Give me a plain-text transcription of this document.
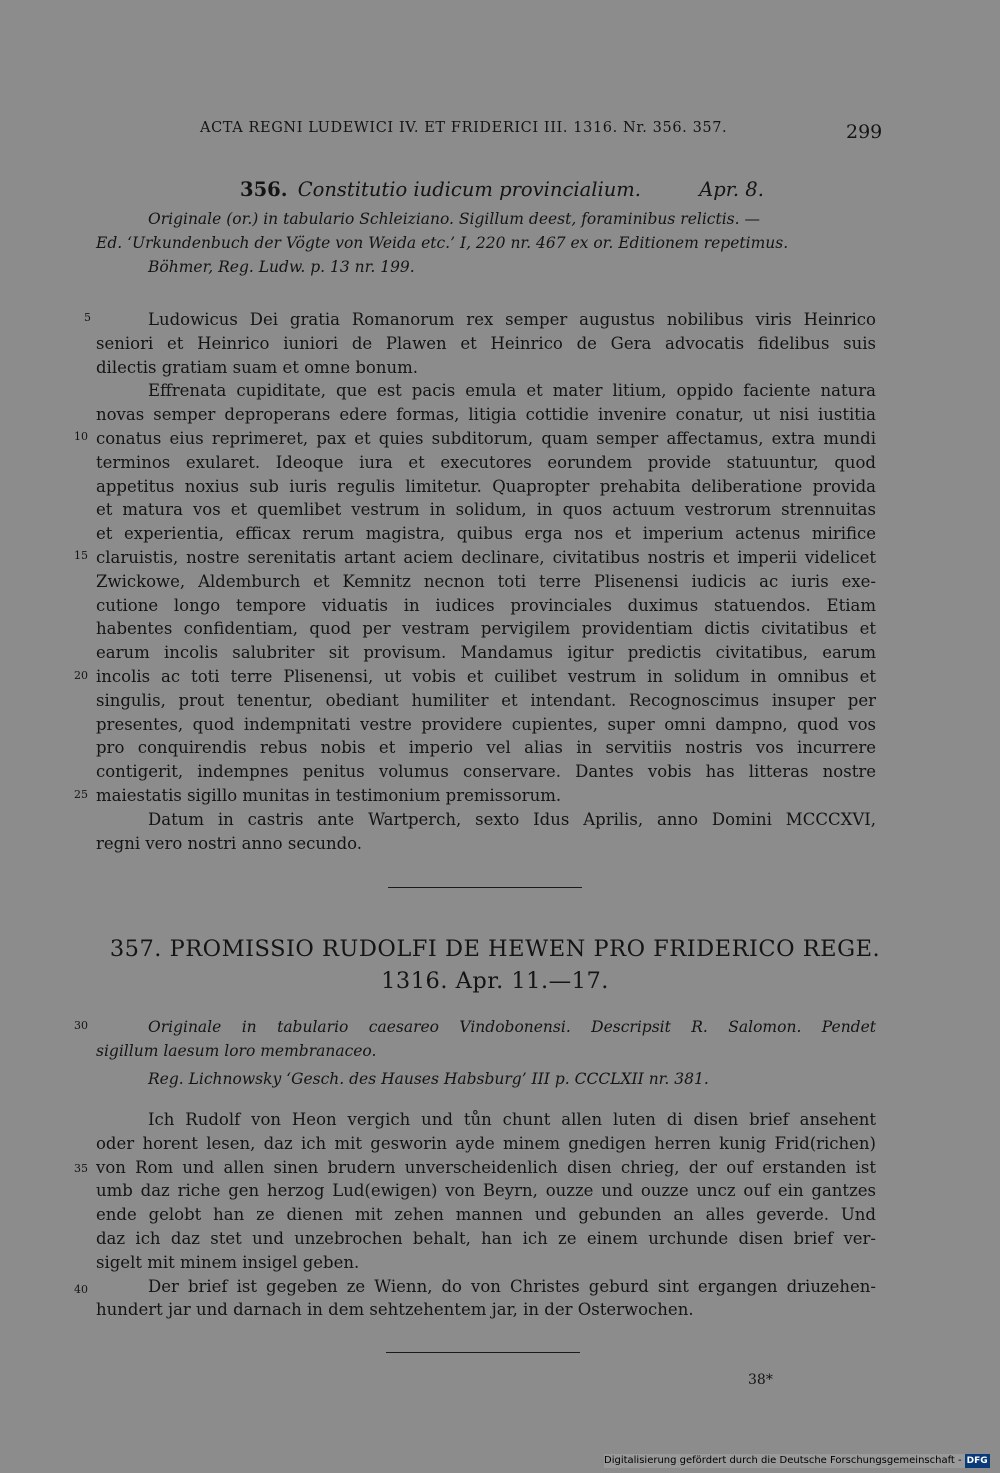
ACTA REGNI LUDEWICI IV. ET FRIDERICI III. 1316. Nr. 356. 357.	299
356. Constitutio iudicum provincialium.	Apr. 8.
Originale (or.) in tabulario Schleiziano. Sigillum deest, foraminibus relictis. —
Ed. ‘Urkundenbuch der Vögte von Weida etc.’ I, 220 nr. 467 ex or. Editionem repetimus.
Böhmer, Reg. Ludw. p. 13 nr. 199.
5
10
15
20
25
Ludowicus Dei gratia Romanorum rex semper augustus nobilibus viris Heinrico
seniori et Heinrico iuniori de Plawen et Heinrico de Gera advocatis fidelibus suis
dilectis gratiam suam et omne bonum.
Effrenata cupiditate, que est pacis emula et mater litium, oppido faciente natura
novas semper deproperans edere formas, litigia cottidie invenire conatur, ut nisi iustitia
conatus eius reprimeret, pax et quies subditorum, quam semper affectamus, extra mundi
terminos exularet. Ideoque iura et executores eorundem provide statuuntur, quod
appetitus noxius sub iuris regulis limitetur. Quapropter prehabita deliberatione provida
et matura vos et quemlibet vestrum in solidum, in quos actuum vestrorum strennuitas
et experientia, efficax rerum magistra, quibus erga nos et imperium actenus mirifice
claruistis, nostre serenitatis artant aciem declinare, civitatibus nostris et imperii videlicet
Zwickowe, Aldemburch et Kemnitz necnon toti terre Plisenensi iudicis ac iuris exe-
cutione longo tempore viduatis in iudices provinciales duximus statuendos. Etiam
habentes confidentiam, quod per vestram pervigilem providentiam dictis civitatibus et
earum incolis salubriter sit provisum. Mandamus igitur predictis civitatibus, earum
incolis ac toti terre Plisenensi, ut vobis et cuilibet vestrum in solidum in omnibus et
singulis, prout tenentur, obediant humiliter et intendant. Recognoscimus insuper per
presentes, quod indempnitati vestre providere cupientes, super omni dampno, quod vos
pro conquirendis rebus nobis et imperio vel alias in servitiis nostris vos incurrere
contigerit, indempnes penitus volumus conservare. Dantes vobis has litteras nostre
maiestatis sigillo munitas in testimonium premissorum.
Datum in castris ante Wartperch, sexto Idus Aprilis, anno Domini MCCCXVI,
regni vero nostri anno secundo.
357. PROMISSIO RUDOLFI DE HEWEN PRO FRIDERICO REGE.
1316. Apr. 11.—17.
30	Originale in tabulario caesareo Vindobonensi. Descripsit R. Salomon. Pendet
sigillum laesum loro membranaceo.
Reg. Lichnowsky ‘Gesch. des Hauses Habsburg’ III p. CCCLXII nr. 381.
35
40
Ich Rudolf von Heon vergich und tůn chunt allen luten di disen brief ansehent
oder horent lesen, daz ich mit gesworin ayde minem gnedigen herren kunig Frid(richen)
von Rom und allen sinen brudern unverscheidenlich disen chrieg, der ouf erstanden ist
umb daz riche gen herzog Lud(ewigen) von Beyrn, ouzze und ouzze uncz ouf ein gantzes
ende gelobt han ze dienen mit zehen mannen und gebunden an alles geverde. Und
daz ich daz stet und unzebrochen behalt, han ich ze einem urchunde disen brief ver-
sigelt mit minem insigel geben.
Der brief ist gegeben ze Wienn, do von Christes geburd sint ergangen driuzehen-
hundert jar und darnach in dem sehtzehentem jar, in der Osterwochen.
38*
Digitalisierung gefördert durch die Deutsche Forschungsgemeinschaft - DFG
